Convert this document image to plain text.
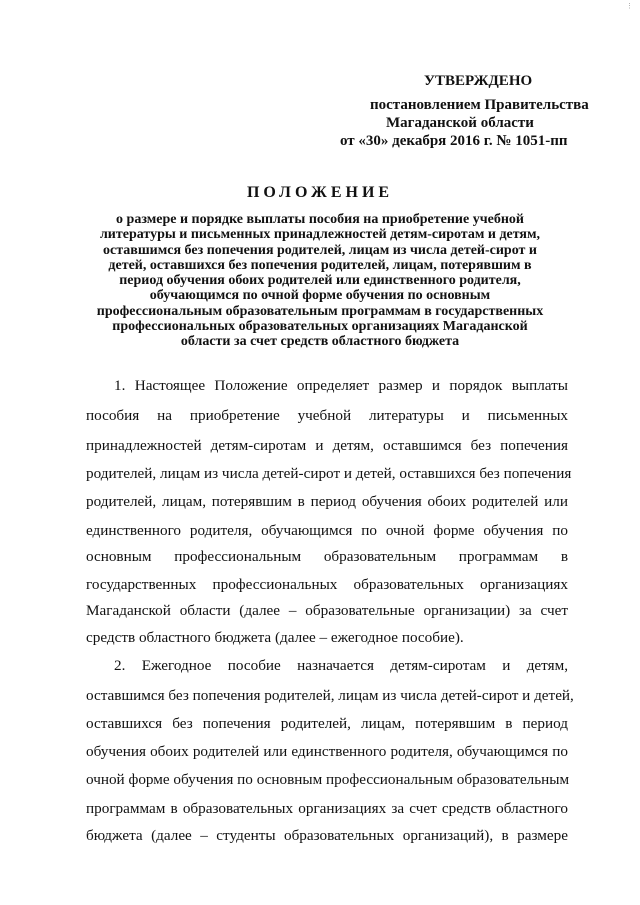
⋮
УТВЕРЖДЕНО
постановлением Правительства
Магаданской области
от «30» декабря 2016 г. № 1051-пп
ПОЛОЖЕНИЕ
о размере и порядке выплаты пособия на приобретение учебной
литературы и письменных принадлежностей детям-сиротам и детям,
оставшимся без попечения родителей, лицам из числа детей-сирот и
детей, оставшихся без попечения родителей, лицам, потерявшим в
период обучения обоих родителей или единственного родителя,
обучающимся по очной форме обучения по основным
профессиональным образовательным программам в государственных
профессиональных образовательных организациях Магаданской
области за счет средств областного бюджета
1. Настоящее Положение определяет размер и порядок выплаты
пособия на приобретение учебной литературы и письменных
принадлежностей детям-сиротам и детям, оставшимся без попечения
родителей, лицам из числа детей-сирот и детей, оставшихся без попечения
родителей, лицам, потерявшим в период обучения обоих родителей или
единственного родителя, обучающимся по очной форме обучения по
основным профессиональным образовательным программам в
государственных профессиональных образовательных организациях
Магаданской области (далее – образовательные организации) за счет
средств областного бюджета (далее – ежегодное пособие).
2. Ежегодное пособие назначается детям-сиротам и детям,
оставшимся без попечения родителей, лицам из числа детей-сирот и детей,
оставшихся без попечения родителей, лицам, потерявшим в период
обучения обоих родителей или единственного родителя, обучающимся по
очной форме обучения по основным профессиональным образовательным
программам в образовательных организациях за счет средств областного
бюджета (далее – студенты образовательных организаций), в размере
